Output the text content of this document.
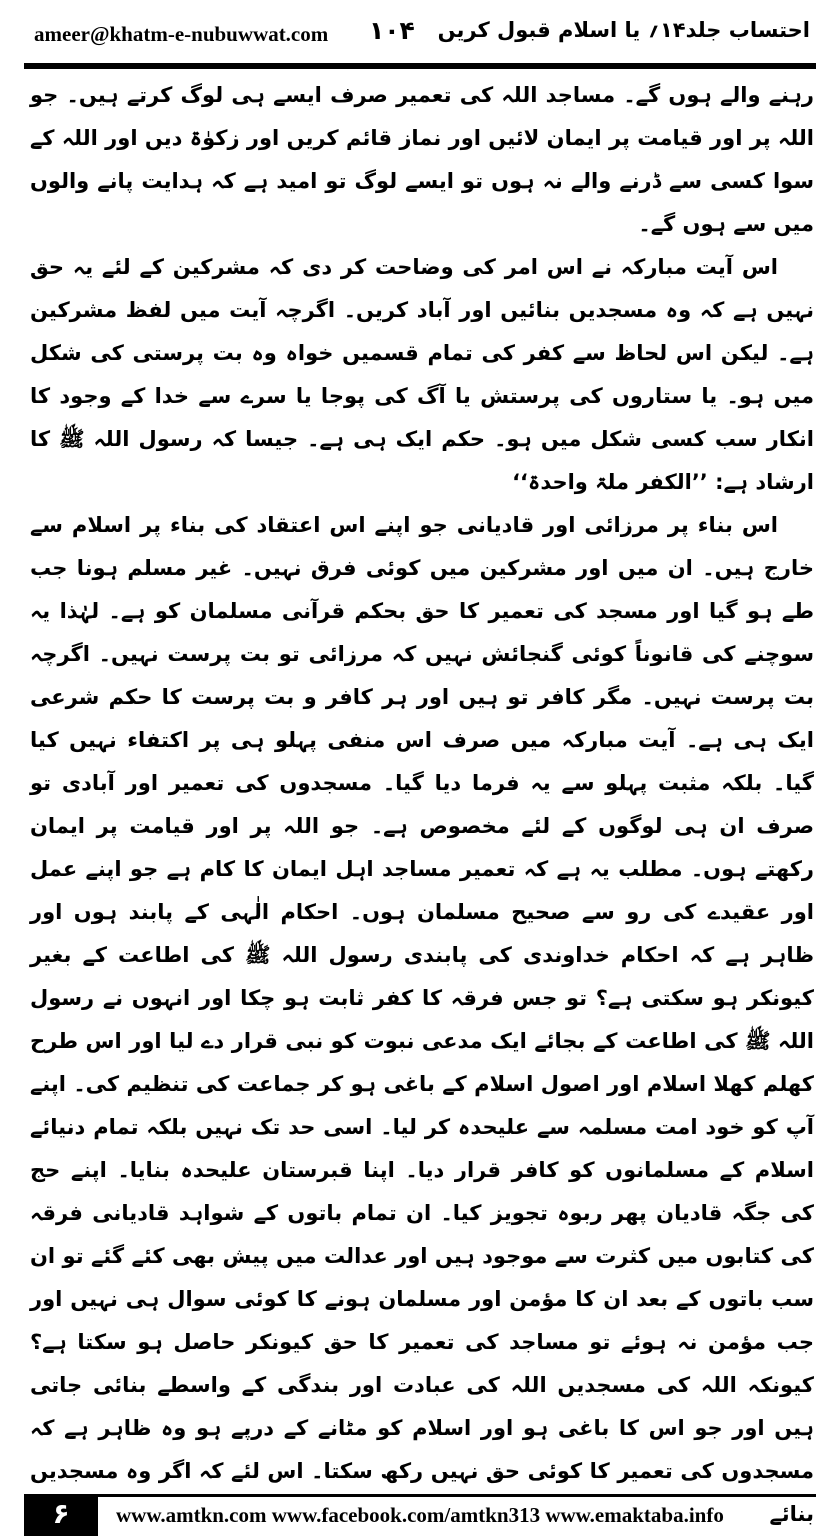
ameer@khatm-e-nubuwwat.com ۱۰۴ احتساب جلد۱۴؍ یا اسلام قبول کریں

رہنے والے ہوں گے۔ مساجد اللہ کی تعمیر صرف ایسے ہی لوگ کرتے ہیں۔ جو اللہ پر اور قیامت پر ایمان لائیں اور نماز قائم کریں اور زکوٰۃ دیں اور اللہ کے سوا کسی سے ڈرنے والے نہ ہوں تو ایسے لوگ تو امید ہے کہ ہدایت پانے والوں میں سے ہوں گے۔

اس آیت مبارکہ نے اس امر کی وضاحت کر دی کہ مشرکین کے لئے یہ حق نہیں ہے کہ وہ مسجدیں بنائیں اور آباد کریں۔ اگرچہ آیت میں لفظ مشرکین ہے۔ لیکن اس لحاظ سے کفر کی تمام قسمیں خواہ وہ بت پرستی کی شکل میں ہو۔ یا ستاروں کی پرستش یا آگ کی پوجا یا سرے سے خدا کے وجود کا انکار سب کسی شکل میں ہو۔ حکم ایک ہی ہے۔ جیسا کہ رسول اللہ ﷺ کا ارشاد ہے: ’’الکفر ملۃ واحدۃ‘‘

اس بناء پر مرزائی اور قادیانی جو اپنے اس اعتقاد کی بناء پر اسلام سے خارج ہیں۔ ان میں اور مشرکین میں کوئی فرق نہیں۔ غیر مسلم ہونا جب طے ہو گیا اور مسجد کی تعمیر کا حق بحکم قرآنی مسلمان کو ہے۔ لہٰذا یہ سوچنے کی قانوناً کوئی گنجائش نہیں کہ مرزائی تو بت پرست نہیں۔ اگرچہ بت پرست نہیں۔ مگر کافر تو ہیں اور ہر کافر و بت پرست کا حکم شرعی ایک ہی ہے۔ آیت مبارکہ میں صرف اس منفی پہلو ہی پر اکتفاء نہیں کیا گیا۔ بلکہ مثبت پہلو سے یہ فرما دیا گیا۔ مسجدوں کی تعمیر اور آبادی تو صرف ان ہی لوگوں کے لئے مخصوص ہے۔ جو اللہ پر اور قیامت پر ایمان رکھتے ہوں۔ مطلب یہ ہے کہ تعمیر مساجد اہل ایمان کا کام ہے جو اپنے عمل اور عقیدے کی رو سے صحیح مسلمان ہوں۔ احکام الٰہی کے پابند ہوں اور ظاہر ہے کہ احکام خداوندی کی پابندی رسول اللہ ﷺ کی اطاعت کے بغیر کیونکر ہو سکتی ہے؟ تو جس فرقہ کا کفر ثابت ہو چکا اور انہوں نے رسول اللہ ﷺ کی اطاعت کے بجائے ایک مدعی نبوت کو نبی قرار دے لیا اور اس طرح کھلم کھلا اسلام اور اصول اسلام کے باغی ہو کر جماعت کی تنظیم کی۔ اپنے آپ کو خود امت مسلمہ سے علیحدہ کر لیا۔ اسی حد تک نہیں بلکہ تمام دنیائے اسلام کے مسلمانوں کو کافر قرار دیا۔ اپنا قبرستان علیحدہ بنایا۔ اپنے حج کی جگہ قادیان پھر ربوہ تجویز کیا۔ ان تمام باتوں کے شواہد قادیانی فرقہ کی کتابوں میں کثرت سے موجود ہیں اور عدالت میں پیش بھی کئے گئے تو ان سب باتوں کے بعد ان کا مؤمن اور مسلمان ہونے کا کوئی سوال ہی نہیں اور جب مؤمن نہ ہوئے تو مساجد کی تعمیر کا حق کیونکر حاصل ہو سکتا ہے؟ کیونکہ اللہ کی مسجدیں اللہ کی عبادت اور بندگی کے واسطے بنائی جاتی ہیں اور جو اس کا باغی ہو اور اسلام کو مٹانے کے درپے ہو وہ ظاہر ہے کہ مسجدوں کی تعمیر کا کوئی حق نہیں رکھ سکتا۔ اس لئے کہ اگر وہ مسجدیں بنائے

۶	www.amtkn.com www.facebook.com/amtkn313 www.emaktaba.info
